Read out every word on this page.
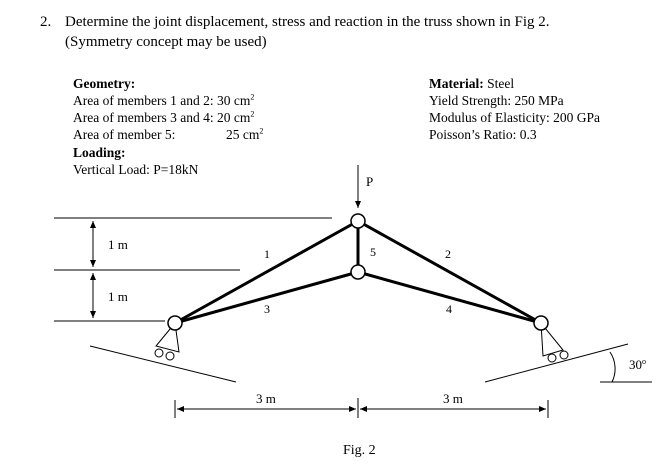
2. Determine the joint displacement, stress and reaction in the truss shown in Fig 2.
(Symmetry concept may be used)
Geometry:
Area of members 1 and 2: 30 $cm^2$
Area of members 3 and 4: 20 $cm^2$
Area of member 5:	25 $cm^2$
Loading:
Vertical Load: P=18kN
Material: Steel
Yield Strength: 250 MPa
Modulus of Elasticity: 200 GPa
Poisson’s Ratio: 0.3
1 m
1 m
1	2
3	4
5
P
30$^o$
3 m	3 m
Fig. 2
